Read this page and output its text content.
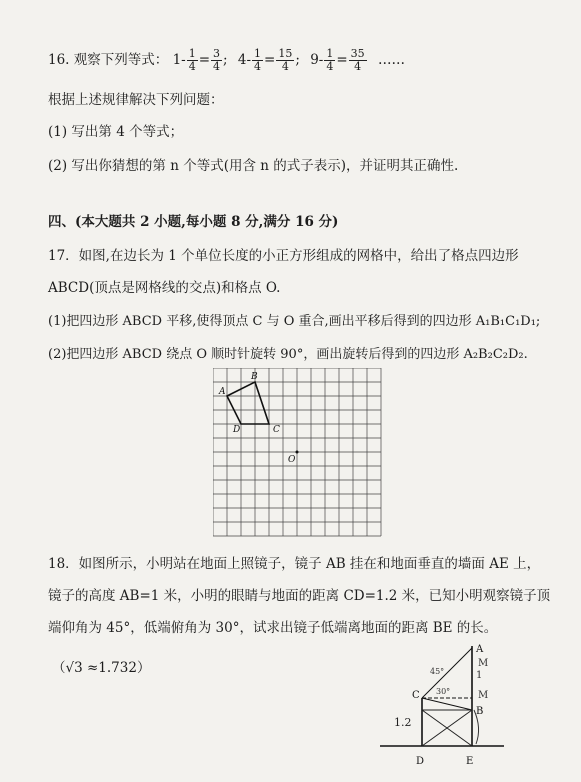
16. 观察下列等式： $1- \frac{1}{4} = \frac{3}{4}$ ; $4- \frac{1}{4} = \frac{15}{4}$ ; $9- \frac{1}{4} = \frac{35}{4}$ ……
根据上述规律解决下列问题：
(1) 写出第 4 个等式；
(2) 写出你猜想的第 n 个等式(用含 n 的式子表示)，并证明其正确性.
四、(本大题共 2 小题,每小题 8 分,满分 16 分)
17．如图,在边长为 1 个单位长度的小正方形组成的网格中，给出了格点四边形
ABCD(顶点是网格线的交点)和格点 O.
(1)把四边形 ABCD 平移,使得顶点 C 与 O 重合,画出平移后得到的四边形 A₁B₁C₁D₁;
(2)把四边形 ABCD 绕点 O 顺时针旋转 90°，画出旋转后得到的四边形 A₂B₂C₂D₂.
A
B
C
D
O
18．如图所示，小明站在地面上照镜子，镜子 AB 挂在和地面垂直的墙面 AE 上，
镜子的高度 AB=1 米，小明的眼睛与地面的距离 CD=1.2 米，已知小明观察镜子顶
端仰角为 45°，低端俯角为 30°，试求出镜子低端离地面的距离 BE 的长。
（√3 ≈1.732）
A
1
M
M
B
C
D	E
1.2
45°
30°
